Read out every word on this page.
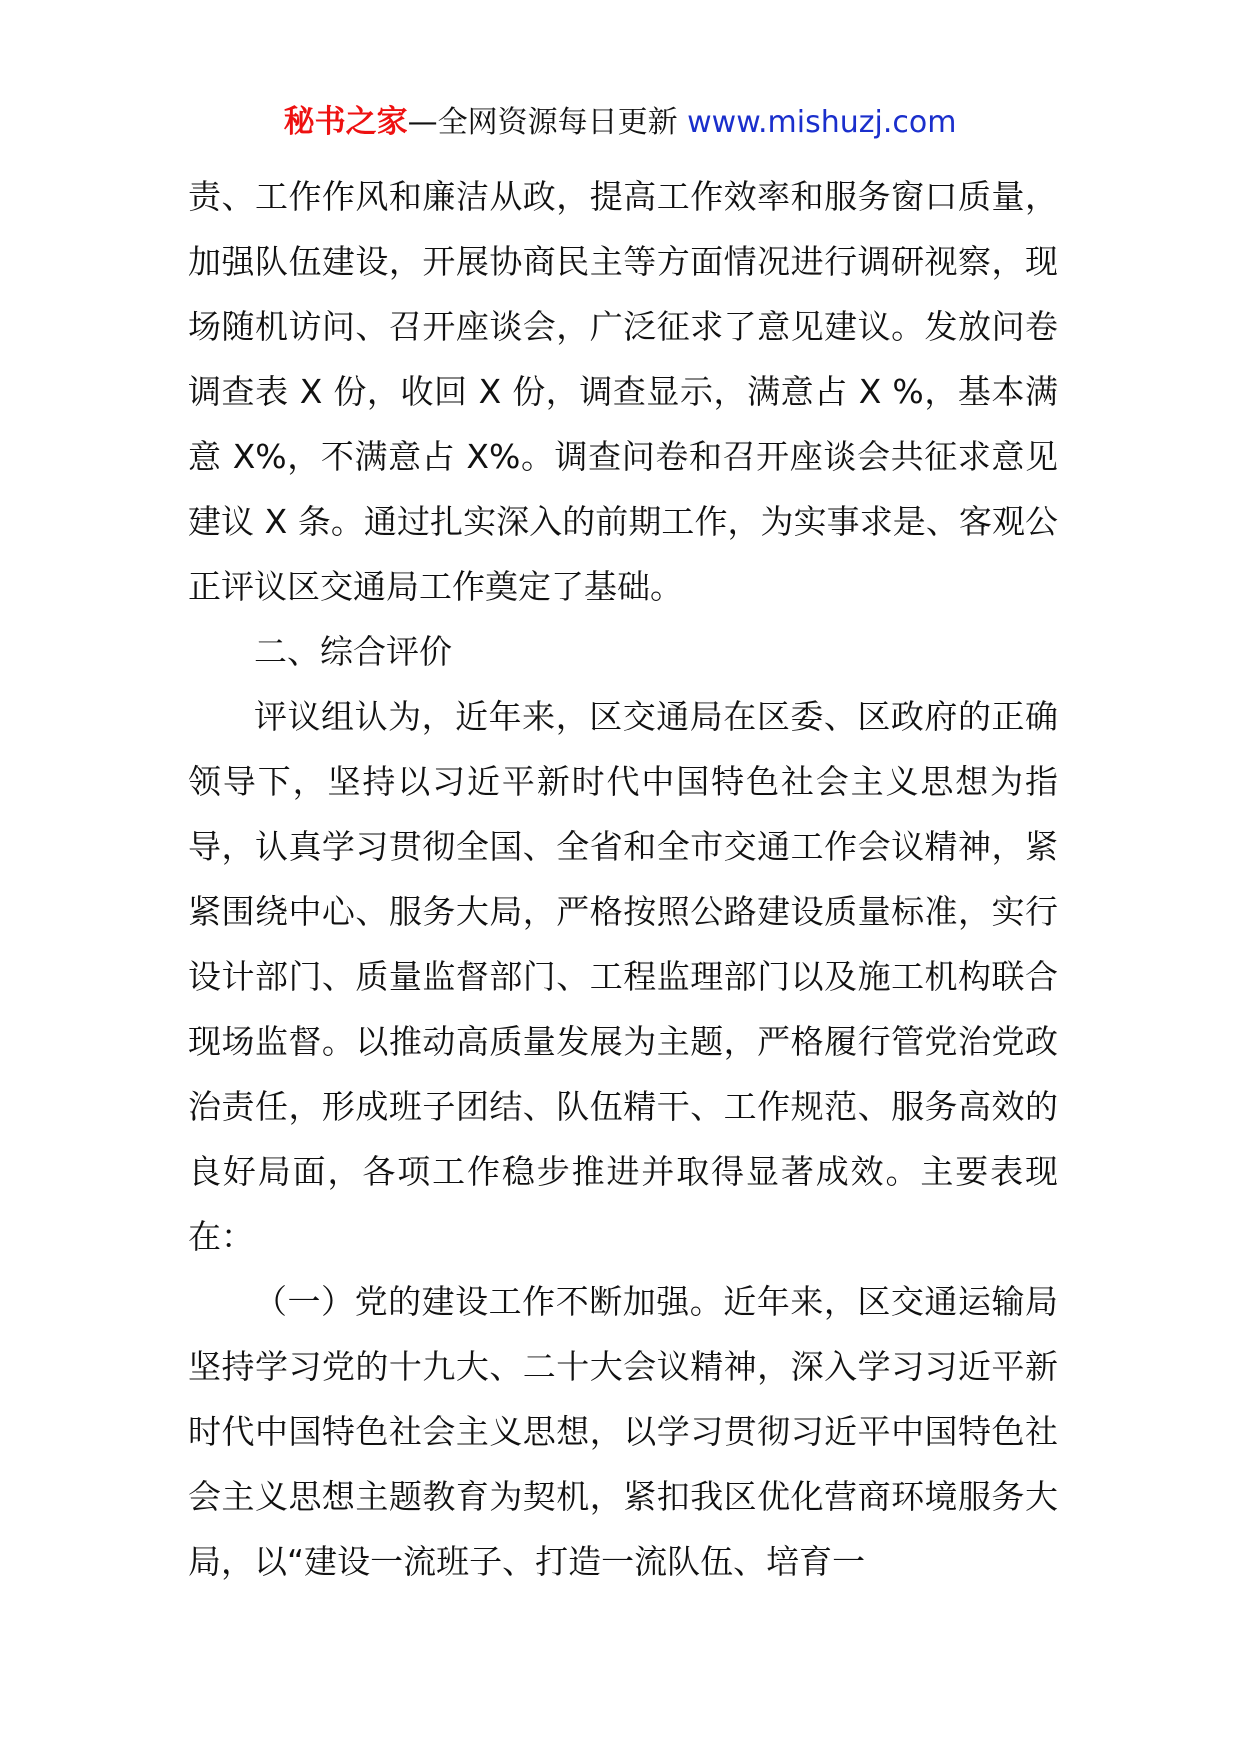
秘书之家—全网资源每日更新 www.mishuzj.com

责、工作作风和廉洁从政，提高工作效率和服务窗口质量，加强队伍建设，开展协商民主等方面情况进行调研视察，现场随机访问、召开座谈会，广泛征求了意见建议。发放问卷调查表 X 份，收回 X 份，调查显示，满意占 X %，基本满意 X%，不满意占 X%。调查问卷和召开座谈会共征求意见建议 X 条。通过扎实深入的前期工作，为实事求是、客观公正评议区交通局工作奠定了基础。

二、综合评价

评议组认为，近年来，区交通局在区委、区政府的正确领导下，坚持以习近平新时代中国特色社会主义思想为指导，认真学习贯彻全国、全省和全市交通工作会议精神，紧紧围绕中心、服务大局，严格按照公路建设质量标准，实行设计部门、质量监督部门、工程监理部门以及施工机构联合现场监督。以推动高质量发展为主题，严格履行管党治党政治责任，形成班子团结、队伍精干、工作规范、服务高效的良好局面，各项工作稳步推进并取得显著成效。主要表现在：

（一）党的建设工作不断加强。近年来，区交通运输局坚持学习党的十九大、二十大会议精神，深入学习习近平新时代中国特色社会主义思想，以学习贯彻习近平中国特色社会主义思想主题教育为契机，紧扣我区优化营商环境服务大局，以“建设一流班子、打造一流队伍、培育一
